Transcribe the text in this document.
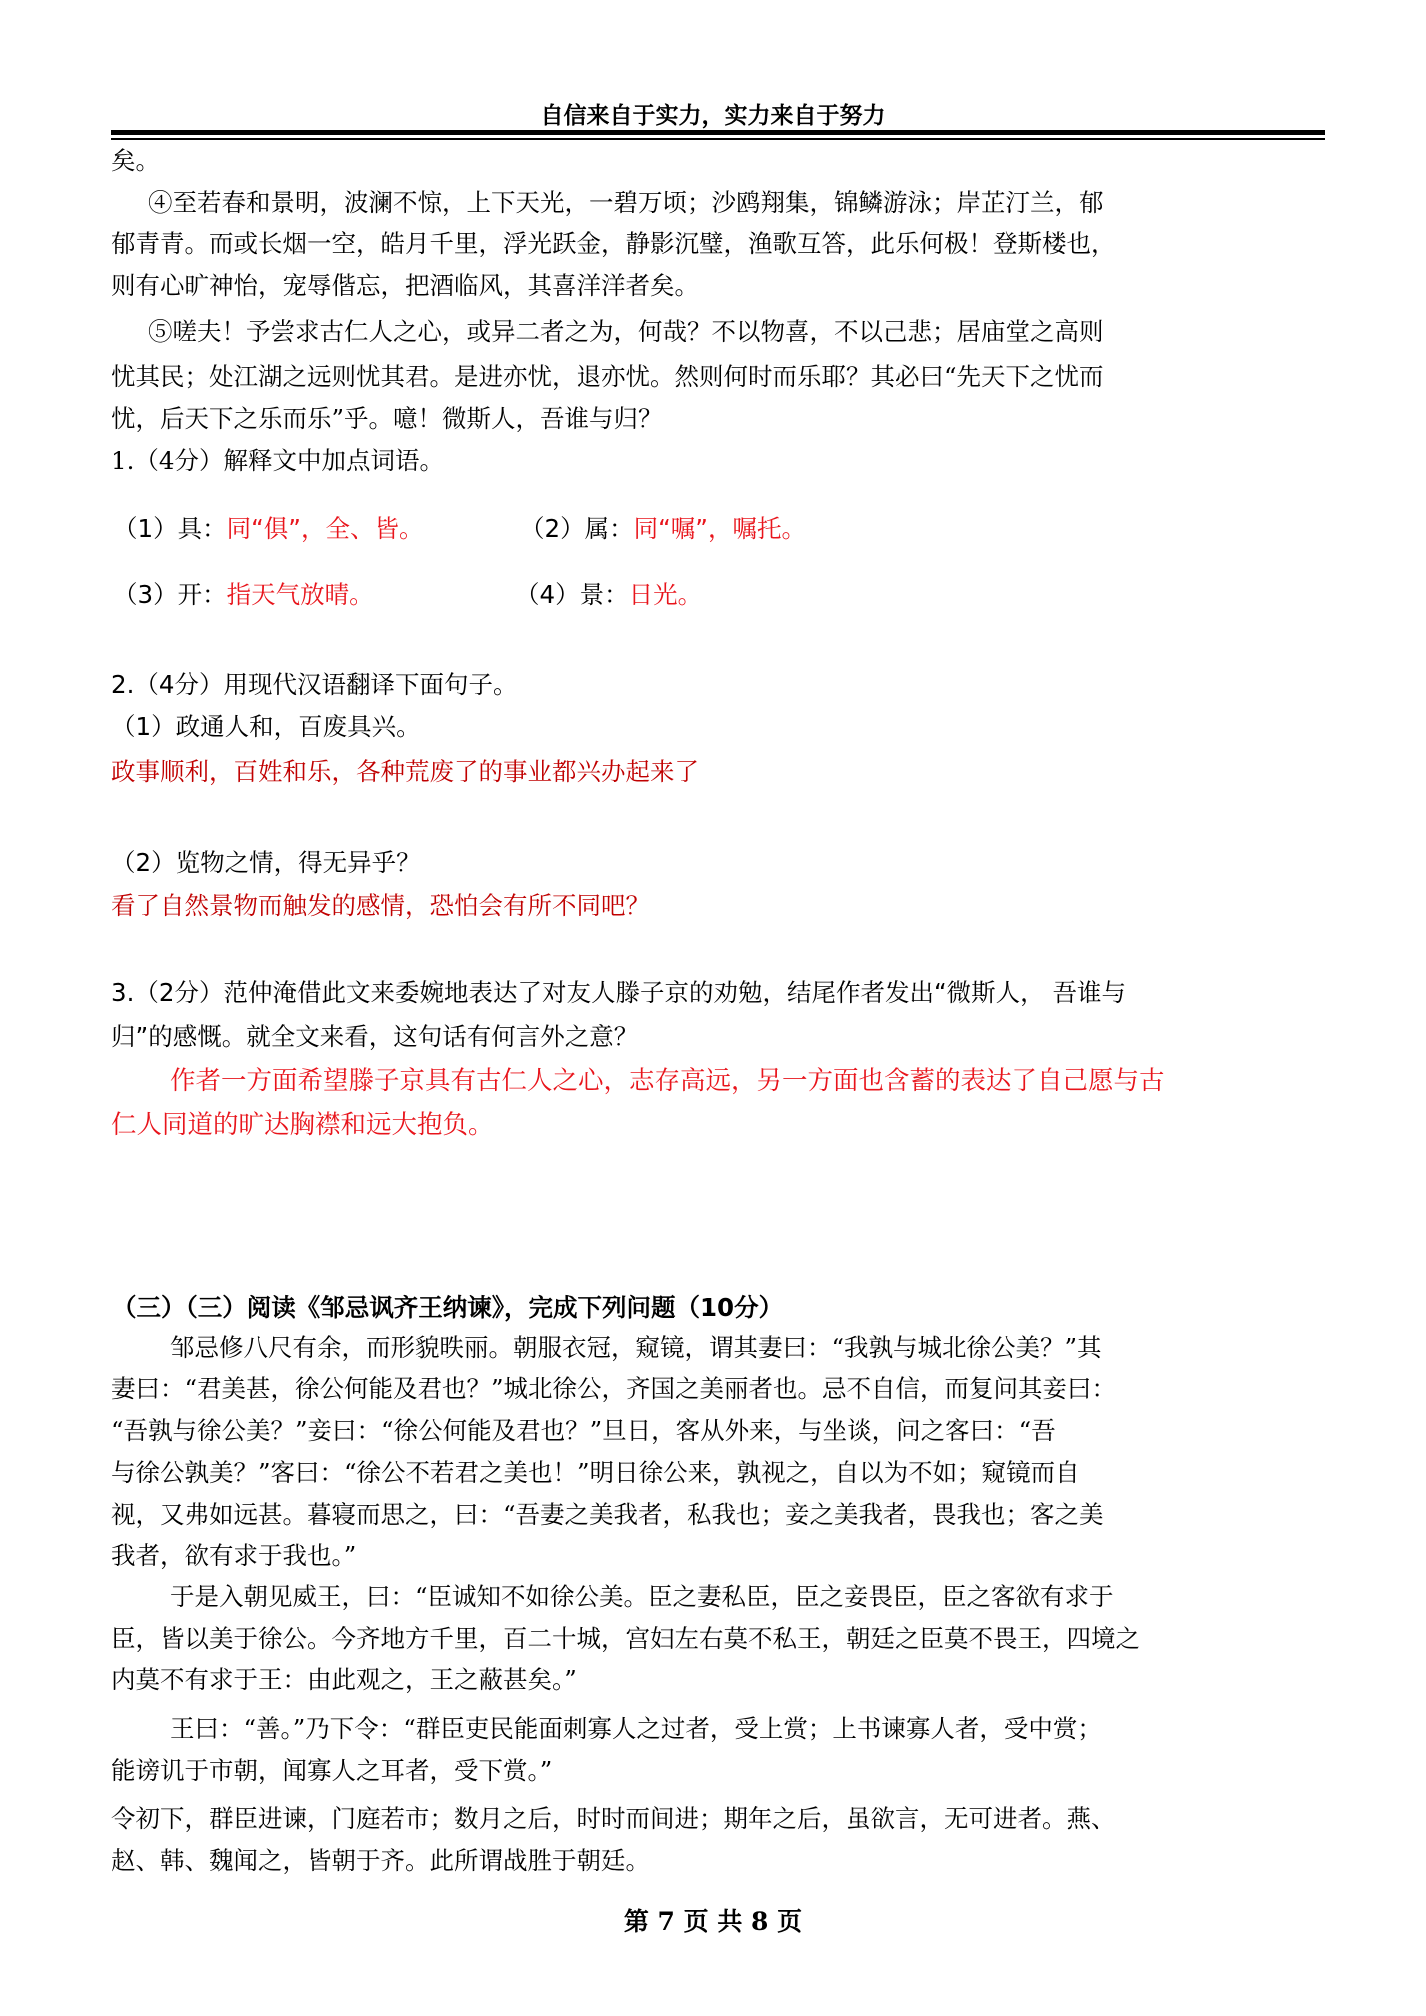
自信来自于实力，实力来自于努力
矣。
④至若春和景明，波澜不惊，上下天光，一碧万顷；沙鸥翔集，锦鳞游泳；岸芷汀兰，郁
郁青青。而或长烟一空，皓月千里，浮光跃金，静影沉璧，渔歌互答，此乐何极！登斯楼也，
则有心旷神怡，宠辱偕忘，把酒临风，其喜洋洋者矣。
⑤嗟夫！予尝求古仁人之心，或异二者之为，何哉？不以物喜，不以己悲；居庙堂之高则
忧其民；处江湖之远则忧其君。是进亦忧，退亦忧。然则何时而乐耶？其必曰“先天下之忧而
忧，后天下之乐而乐”乎。噫！微斯人，吾谁与归？
1.（4分）解释文中加点词语。
（1）具：同“俱”，全、皆。	（2）属：同“嘱”，嘱托。
（3）开：指天气放晴。	（4）景：日光。
2.（4分）用现代汉语翻译下面句子。
（1）政通人和，百废具兴。
政事顺利，百姓和乐，各种荒废了的事业都兴办起来了
（2）览物之情，得无异乎？
看了自然景物而触发的感情，恐怕会有所不同吧？
3.（2分）范仲淹借此文来委婉地表达了对友人滕子京的劝勉，结尾作者发出“微斯人， 吾谁与
归”的感慨。就全文来看，这句话有何言外之意？
作者一方面希望滕子京具有古仁人之心，志存高远，另一方面也含蓄的表达了自己愿与古
仁人同道的旷达胸襟和远大抱负。
（三）（三）阅读《邹忌讽齐王纳谏》，完成下列问题（10分）
邹忌修八尺有余，而形貌昳丽。朝服衣冠，窥镜，谓其妻曰：“我孰与城北徐公美？”其
妻曰：“君美甚，徐公何能及君也？”城北徐公，齐国之美丽者也。忌不自信，而复问其妾曰：
“吾孰与徐公美？”妾曰：“徐公何能及君也？”旦日，客从外来，与坐谈，问之客曰：“吾
与徐公孰美？”客曰：“徐公不若君之美也！”明日徐公来，孰视之，自以为不如；窥镜而自
视，又弗如远甚。暮寝而思之，曰：“吾妻之美我者，私我也；妾之美我者，畏我也；客之美
我者，欲有求于我也。”
于是入朝见威王，曰：“臣诚知不如徐公美。臣之妻私臣，臣之妾畏臣，臣之客欲有求于
臣，皆以美于徐公。今齐地方千里，百二十城，宫妇左右莫不私王，朝廷之臣莫不畏王，四境之
内莫不有求于王：由此观之，王之蔽甚矣。”
王曰：“善。”乃下令：“群臣吏民能面刺寡人之过者，受上赏；上书谏寡人者，受中赏；
能谤讥于市朝，闻寡人之耳者，受下赏。”
令初下，群臣进谏，门庭若市；数月之后，时时而间进；期年之后，虽欲言，无可进者。燕、
赵、韩、魏闻之，皆朝于齐。此所谓战胜于朝廷。
第 7 页 共 8 页
